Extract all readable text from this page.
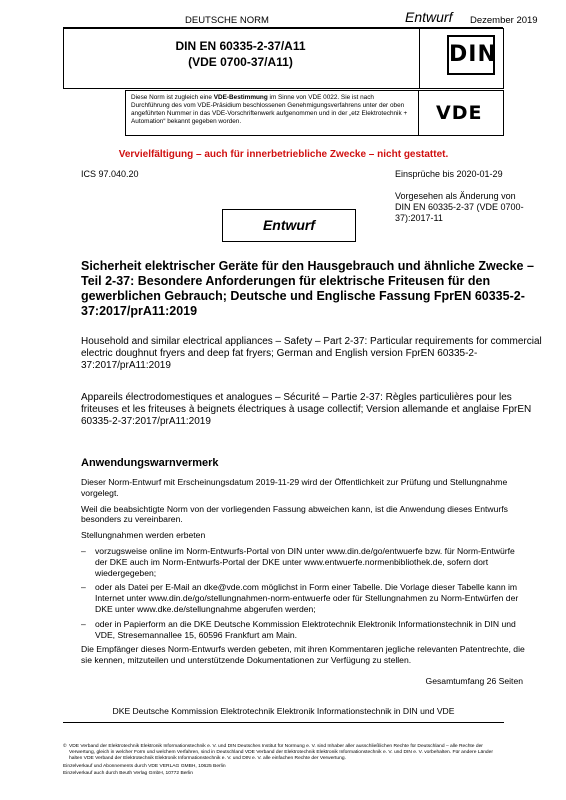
DEUTSCHE NORM	Entwurf Dezember 2019
DIN EN 60335-2-37/A11
(VDE 0700-37/A11)	DIN
Diese Norm ist zugleich eine VDE-Bestimmung im Sinne von VDE 0022. Sie ist nach Durchführung des vom VDE-Präsidium beschlossenen Genehmigungsverfahrens unter der oben angeführten Nummer in das VDE-Vorschriftenwerk aufgenommen und in der „etz Elektrotechnik + Automation“ bekannt gegeben worden.	VDE
Vervielfältigung – auch für innerbetriebliche Zwecke – nicht gestattet.
ICS 97.040.20	Einsprüche bis 2020-01-29
Vorgesehen als Änderung von DIN EN 60335-2-37 (VDE 0700-37):2017-11
Entwurf
Sicherheit elektrischer Geräte für den Hausgebrauch und ähnliche Zwecke – Teil 2-37: Besondere Anforderungen für elektrische Friteusen für den gewerblichen Gebrauch; Deutsche und Englische Fassung FprEN 60335-2-37:2017/prA11:2019
Household and similar electrical appliances – Safety – Part 2-37: Particular requirements for commercial electric doughnut fryers and deep fat fryers; German and English version FprEN 60335-2-37:2017/prA11:2019
Appareils électrodomestiques et analogues – Sécurité – Partie 2-37: Règles particulières pour les friteuses et les friteuses à beignets électriques à usage collectif; Version allemande et anglaise FprEN 60335-2-37:2017/prA11:2019
Anwendungswarnvermerk

Dieser Norm-Entwurf mit Erscheinungsdatum 2019-11-29 wird der Öffentlichkeit zur Prüfung und Stellungnahme vorgelegt.

Weil die beabsichtigte Norm von der vorliegenden Fassung abweichen kann, ist die Anwendung dieses Entwurfs besonders zu vereinbaren.

Stellungnahmen werden erbeten

– vorzugsweise online im Norm-Entwurfs-Portal von DIN unter www.din.de/go/entwuerfe bzw. für Norm-Entwürfe der DKE auch im Norm-Entwurfs-Portal der DKE unter www.entwuerfe.normenbibliothek.de, sofern dort wiedergegeben;
– oder als Datei per E-Mail an dke@vde.com möglichst in Form einer Tabelle. Die Vorlage dieser Tabelle kann im Internet unter www.din.de/go/stellungnahmen-norm-entwuerfe oder für Stellungnahmen zu Norm-Entwürfen der DKE unter www.dke.de/stellungnahme abgerufen werden;
– oder in Papierform an die DKE Deutsche Kommission Elektrotechnik Elektronik Informationstechnik in DIN und VDE, Stresemannallee 15, 60596 Frankfurt am Main.

Die Empfänger dieses Norm-Entwurfs werden gebeten, mit ihren Kommentaren jegliche relevanten Patentrechte, die sie kennen, mitzuteilen und unterstützende Dokumentationen zur Verfügung zu stellen.

Gesamtumfang 26 Seiten
DKE Deutsche Kommission Elektrotechnik Elektronik Informationstechnik in DIN und VDE
© VDE Verband der Elektrotechnik Elektronik Informationstechnik e. V. und DIN Deutsches Institut für Normung e. V. sind Inhaber aller ausschließlichen Rechte für Deutschland – alle Rechte der Verwertung, gleich in welcher Form und welchem Verfahren, sind in Deutschland VDE Verband der Elektrotechnik Elektronik Informationstechnik e. V. und DIN e. V. vorbehalten. Für andere Länder halten VDE Verband der Elektrotechnik Elektronik Informationstechnik e. V. und DIN e. V. alle einfachen Rechte der Verwertung.
Einzelverkauf und Abonnements durch VDE VERLAG GMBH, 10625 Berlin
Einzelverkauf auch durch Beuth Verlag GmbH, 10772 Berlin
